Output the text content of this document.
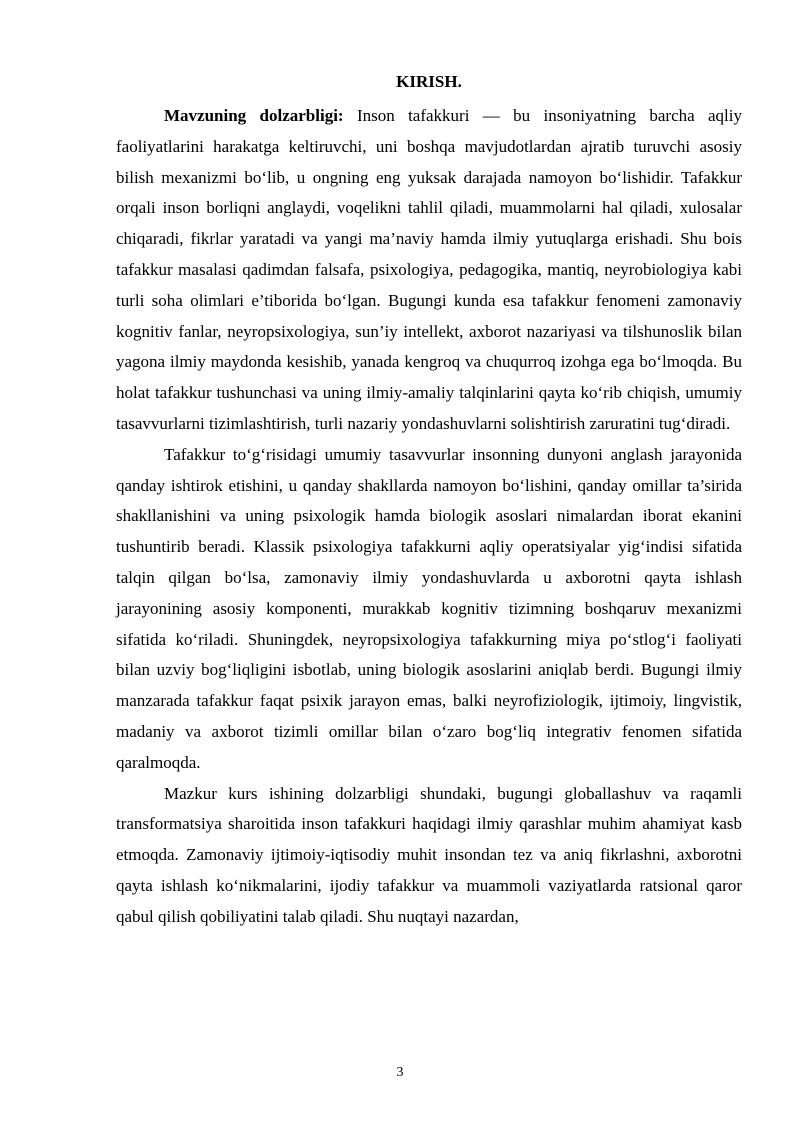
KIRISH.

Mavzuning dolzarbligi: Inson tafakkuri — bu insoniyatning barcha aqliy faoliyatlarini harakatga keltiruvchi, uni boshqa mavjudotlardan ajratib turuvchi asosiy bilish mexanizmi bo‘lib, u ongning eng yuksak darajada namoyon bo‘lishidir. Tafakkur orqali inson borliqni anglaydi, voqelikni tahlil qiladi, muammolarni hal qiladi, xulosalar chiqaradi, fikrlar yaratadi va yangi ma’naviy hamda ilmiy yutuqlarga erishadi. Shu bois tafakkur masalasi qadimdan falsafa, psixologiya, pedagogika, mantiq, neyrobiologiya kabi turli soha olimlari e’tiborida bo‘lgan. Bugungi kunda esa tafakkur fenomeni zamonaviy kognitiv fanlar, neyropsixologiya, sun’iy intellekt, axborot nazariyasi va tilshunoslik bilan yagona ilmiy maydonda kesishib, yanada kengroq va chuqurroq izohga ega bo‘lmoqda. Bu holat tafakkur tushunchasi va uning ilmiy-amaliy talqinlarini qayta ko‘rib chiqish, umumiy tasavvurlarni tizimlashtirish, turli nazariy yondashuvlarni solishtirish zaruratini tug‘diradi.

Tafakkur to‘g‘risidagi umumiy tasavvurlar insonning dunyoni anglash jarayonida qanday ishtirok etishini, u qanday shakllarda namoyon bo‘lishini, qanday omillar ta’sirida shakllanishini va uning psixologik hamda biologik asoslari nimalardan iborat ekanini tushuntirib beradi. Klassik psixologiya tafakkurni aqliy operatsiyalar yig‘indisi sifatida talqin qilgan bo‘lsa, zamonaviy ilmiy yondashuvlarda u axborotni qayta ishlash jarayonining asosiy komponenti, murakkab kognitiv tizimning boshqaruv mexanizmi sifatida ko‘riladi. Shuningdek, neyropsixologiya tafakkurning miya po‘stlog‘i faoliyati bilan uzviy bog‘liqligini isbotlab, uning biologik asoslarini aniqlab berdi. Bugungi ilmiy manzarada tafakkur faqat psixik jarayon emas, balki neyrofiziologik, ijtimoiy, lingvistik, madaniy va axborot tizimli omillar bilan o‘zaro bog‘liq integrativ fenomen sifatida qaralmoqda.

Mazkur kurs ishining dolzarbligi shundaki, bugungi globallashuv va raqamli transformatsiya sharoitida inson tafakkuri haqidagi ilmiy qarashlar muhim ahamiyat kasb etmoqda. Zamonaviy ijtimoiy-iqtisodiy muhit insondan tez va aniq fikrlashni, axborotni qayta ishlash ko‘nikmalarini, ijodiy tafakkur va muammoli vaziyatlarda ratsional qaror qabul qilish qobiliyatini talab qiladi. Shu nuqtayi nazardan,

3
